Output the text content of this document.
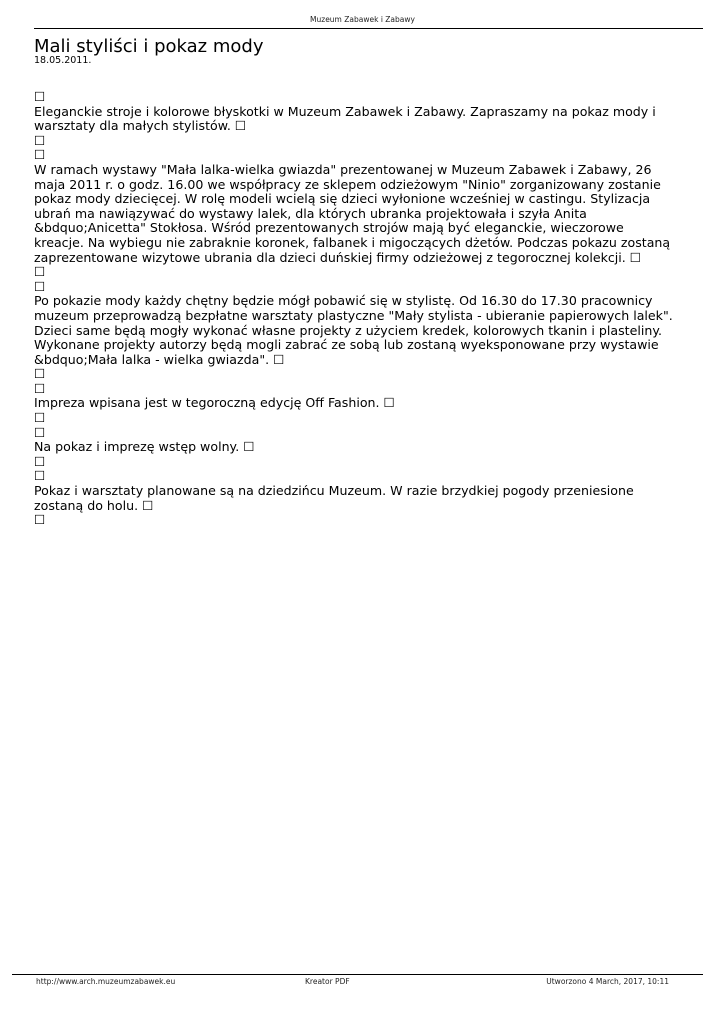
Muzeum Zabawek i Zabawy
Mali styliści i pokaz mody
18.05.2011.

☐

Eleganckie stroje i kolorowe błyskotki w Muzeum Zabawek i Zabawy. Zapraszamy na pokaz mody i warsztaty dla małych stylistów. ☐

☐

☐

W ramach wystawy "Mała lalka-wielka gwiazda" prezentowanej w Muzeum Zabawek i Zabawy, 26 maja 2011 r. o godz. 16.00 we współpracy ze sklepem odzieżowym "Ninio" zorganizowany zostanie pokaz mody dziecięcej. W rolę modeli wcielą się dzieci wyłonione wcześniej w castingu. Stylizacja ubrań ma nawiązywać do wystawy lalek, dla których ubranka projektowała i szyła Anita &bdquo;Anicetta" Stokłosa. Wśród prezentowanych strojów mają być eleganckie, wieczorowe kreacje. Na wybiegu nie zabraknie koronek, falbanek i migoczących dżetów. Podczas pokazu zostaną zaprezentowane wizytowe ubrania dla dzieci duńskiej firmy odzieżowej z tegorocznej kolekcji. ☐

☐

☐

Po pokazie mody każdy chętny będzie mógł pobawić się w stylistę. Od 16.30 do 17.30 pracownicy muzeum przeprowadzą bezpłatne warsztaty plastyczne "Mały stylista - ubieranie papierowych lalek". Dzieci same będą mogły wykonać własne projekty z użyciem kredek, kolorowych tkanin i plasteliny. Wykonane projekty autorzy będą mogli zabrać ze sobą lub zostaną wyeksponowane przy wystawie &bdquo;Mała lalka - wielka gwiazda". ☐

☐

☐

Impreza wpisana jest w tegoroczną edycję Off Fashion. ☐

☐

☐

Na pokaz i imprezę wstęp wolny. ☐

☐

☐

Pokaz i warsztaty planowane są na dziedzińcu Muzeum. W razie brzydkiej pogody przeniesione zostaną do holu. ☐

☐

http://www.arch.muzeumzabawek.eu	Kreator PDF	Utworzono 4 March, 2017, 10:11
